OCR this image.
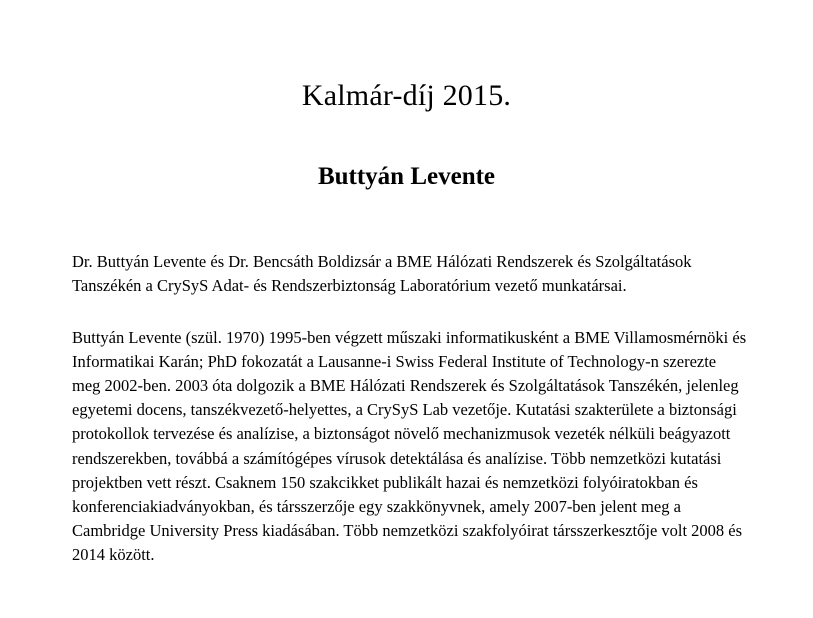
Kalmár-díj 2015.
Buttyán Levente

Dr. Buttyán Levente és Dr. Bencsáth Boldizsár a BME Hálózati Rendszerek és Szolgáltatások Tanszékén a CrySyS Adat- és Rendszerbiztonság Laboratórium vezető munkatársai.

Buttyán Levente (szül. 1970) 1995-ben végzett műszaki informatikusként a BME Villamosmérnöki és Informatikai Karán; PhD fokozatát a Lausanne-i Swiss Federal Institute of Technology-n szerezte meg 2002-ben. 2003 óta dolgozik a BME Hálózati Rendszerek és Szolgáltatások Tanszékén, jelenleg egyetemi docens, tanszékvezető-helyettes, a CrySyS Lab vezetője. Kutatási szakterülete a biztonsági protokollok tervezése és analízise, a biztonságot növelő mechanizmusok vezeték nélküli beágyazott rendszerekben, továbbá a számítógépes vírusok detektálása és analízise. Több nemzetközi kutatási projektben vett részt. Csaknem 150 szakcikket publikált hazai és nemzetközi folyóiratokban és konferenciakiadványokban, és társszerzője egy szakkönyvnek, amely 2007-ben jelent meg a Cambridge University Press kiadásában. Több nemzetközi szakfolyóirat társszerkesztője volt 2008 és 2014 között.
